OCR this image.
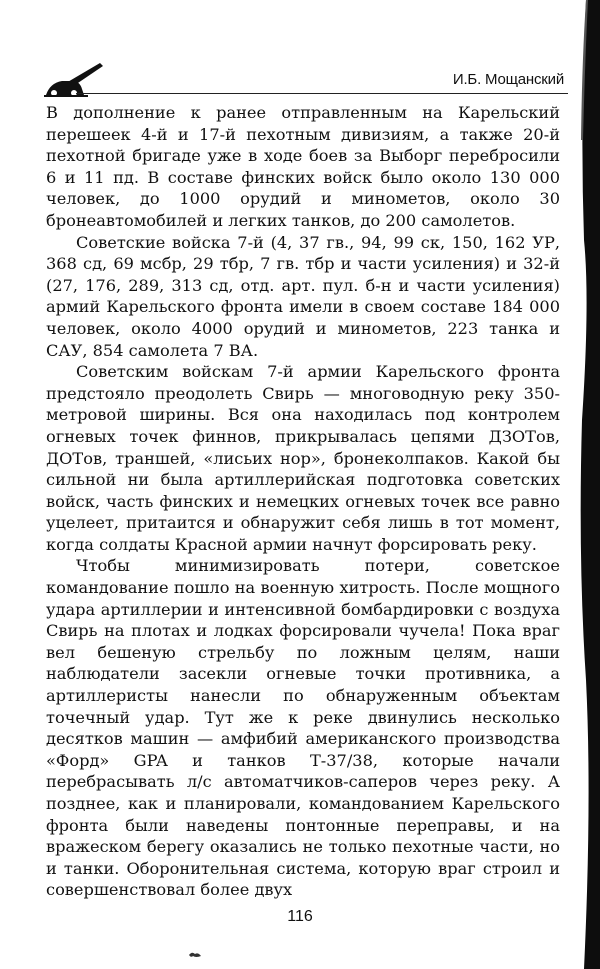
И.Б. Мощанский

В дополнение к ранее отправленным на Карельский перешеек 4-й и 17-й пехотным дивизиям, а также 20-й пехотной бригаде уже в ходе боев за Выборг перебросили 6 и 11 пд. В составе финских войск было около 130 000 человек, до 1000 орудий и минометов, около 30 бронеавтомобилей и легких танков, до 200 самолетов.

Советские войска 7-й (4, 37 гв., 94, 99 ск, 150, 162 УР, 368 сд, 69 мсбр, 29 тбр, 7 гв. тбр и части усиления) и 32-й (27, 176, 289, 313 сд, отд. арт. пул. б-н и части усиления) армий Карельского фронта имели в своем составе 184 000 человек, около 4000 орудий и минометов, 223 танка и САУ, 854 самолета 7 ВА.

Советским войскам 7-й армии Карельского фронта предстояло преодолеть Свирь — многоводную реку 350-метровой ширины. Вся она находилась под контролем огневых точек финнов, прикрывалась цепями ДЗОТов, ДОТов, траншей, «лисьих нор», бронеколпаков. Какой бы сильной ни была артиллерийская подготовка советских войск, часть финских и немецких огневых точек все равно уцелеет, притаится и обнаружит себя лишь в тот момент, когда солдаты Красной армии начнут форсировать реку.

Чтобы минимизировать потери, советское командование пошло на военную хитрость. После мощного удара артиллерии и интенсивной бомбардировки с воздуха Свирь на плотах и лодках форсировали чучела! Пока враг вел бешеную стрельбу по ложным целям, наши наблюдатели засекли огневые точки противника, а артиллеристы нанесли по обнаруженным объектам точечный удар. Тут же к реке двинулись несколько десятков машин — амфибий американского производства «Форд» GPA и танков Т-37/38, которые начали перебрасывать л/с автоматчиков-саперов через реку. А позднее, как и планировали, командованием Карельского фронта были наведены понтонные переправы, и на вражеском берегу оказались не только пехотные части, но и танки. Оборонительная система, которую враг строил и совершенствовал более двух

116
